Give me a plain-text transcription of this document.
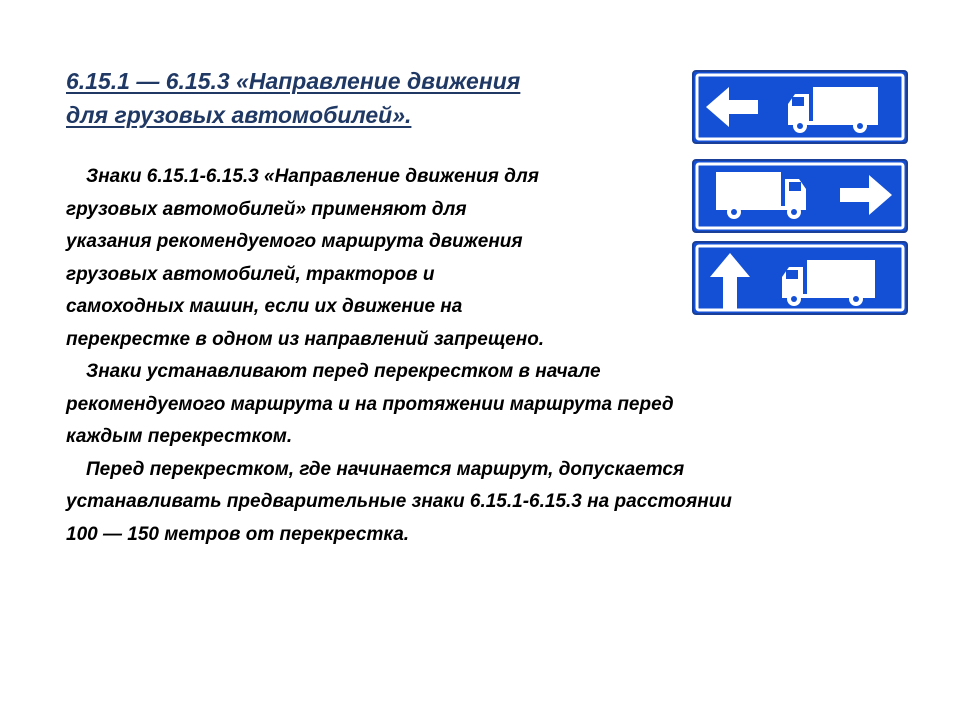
6.15.1 — 6.15.3 «Направление движения
для грузовых автомобилей».
Знаки 6.15.1-6.15.3 «Направление движения для
грузовых автомобилей» применяют для
указания рекомендуемого маршрута движения
грузовых автомобилей, тракторов и
самоходных машин, если их движение на
перекрестке в одном из направлений запрещено.
Знаки устанавливают перед перекрестком в начале
рекомендуемого маршрута и на протяжении маршрута перед
каждым перекрестком.
Перед перекрестком, где начинается маршрут, допускается
устанавливать предварительные знаки 6.15.1-6.15.3 на расстоянии
100 — 150 метров от перекрестка.
